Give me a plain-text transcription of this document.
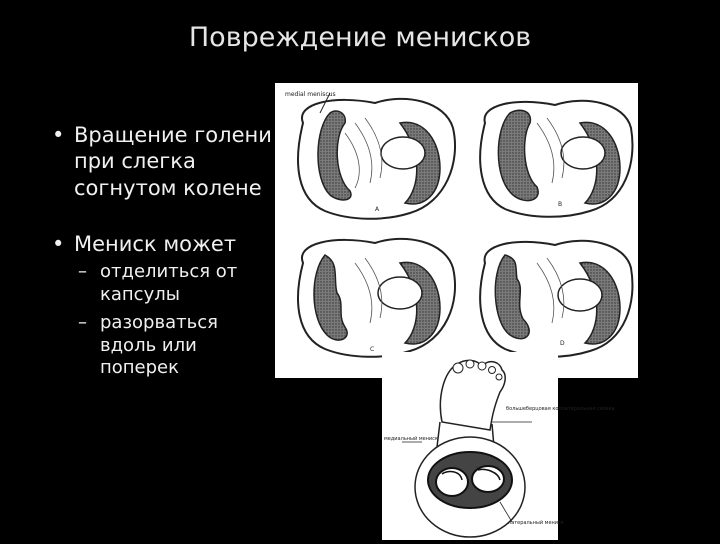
Повреждение менисков
• Вращение голени при слегка согнутом колене
• Мениск может
– отделиться от капсулы
– разорваться вдоль или поперек
A
medial meniscus
B
C
D
большеберцовая коллатеральная связка
медиальный мениск
латеральный мениск
